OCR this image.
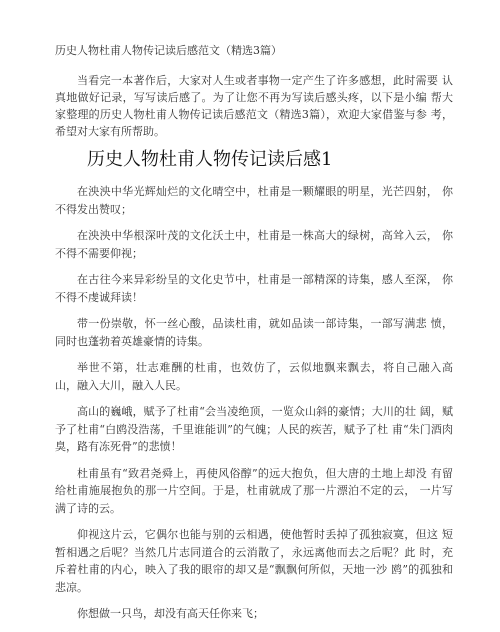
历史人物杜甫人物传记读后感范文（精选3篇）

当看完一本著作后，大家对人生或者事物一定产生了许多感想，此时需要 认真地做好记录，写写读后感了。为了让您不再为写读后感头疼，以下是小编 帮大家整理的历史人物杜甫人物传记读后感范文（精选3篇），欢迎大家借鉴与参 考，希望对大家有所帮助。

历史人物杜甫人物传记读后感1

在泱泱中华光辉灿烂的文化晴空中，杜甫是一颗耀眼的明星，光芒四射， 你不得发出赞叹；

在泱泱中华根深叶茂的文化沃土中，杜甫是一株高大的绿树，高耸入云， 你不得不需要仰视；

在古往今来异彩纷呈的文化史节中，杜甫是一部精深的诗集，感人至深， 你不得不虔诚拜读！

带一份崇敬，怀一丝心酸，品读杜甫，就如品读一部诗集，一部写满悲 愤，同时也蓬勃着英雄豪情的诗集。

举世不第，壮志难酬的杜甫，也效仿了，云似地飘来飘去，将自己融入高 山，融入大川，融入人民。

高山的巍峨，赋予了杜甫“会当凌绝顶，一览众山斜的豪情；大川的壮 阔，赋予了杜甫“白鸥没浩荡，千里谁能训”的气魄；人民的疾苦，赋予了杜 甫“朱门酒肉臭，路有冻死骨”的悲愤！

杜甫虽有“致君尧舜上，再使风俗醇”的远大抱负，但大唐的土地上却没 有留给杜甫施展抱负的那一片空间。于是，杜甫就成了那一片漂泊不定的云， 一片写满了诗的云。

仰视这片云，它偶尔也能与别的云相遇，使他暂时丢掉了孤独寂寞，但这 短暂相遇之后呢？当然几片志同道合的云消散了，永远离他而去之后呢？此 时，充斥着杜甫的内心，映入了我的眼帘的却又是“飘飘何所似，天地一沙 鸥”的孤独和悲凉。

你想做一只鸟，却没有高天任你来飞；
